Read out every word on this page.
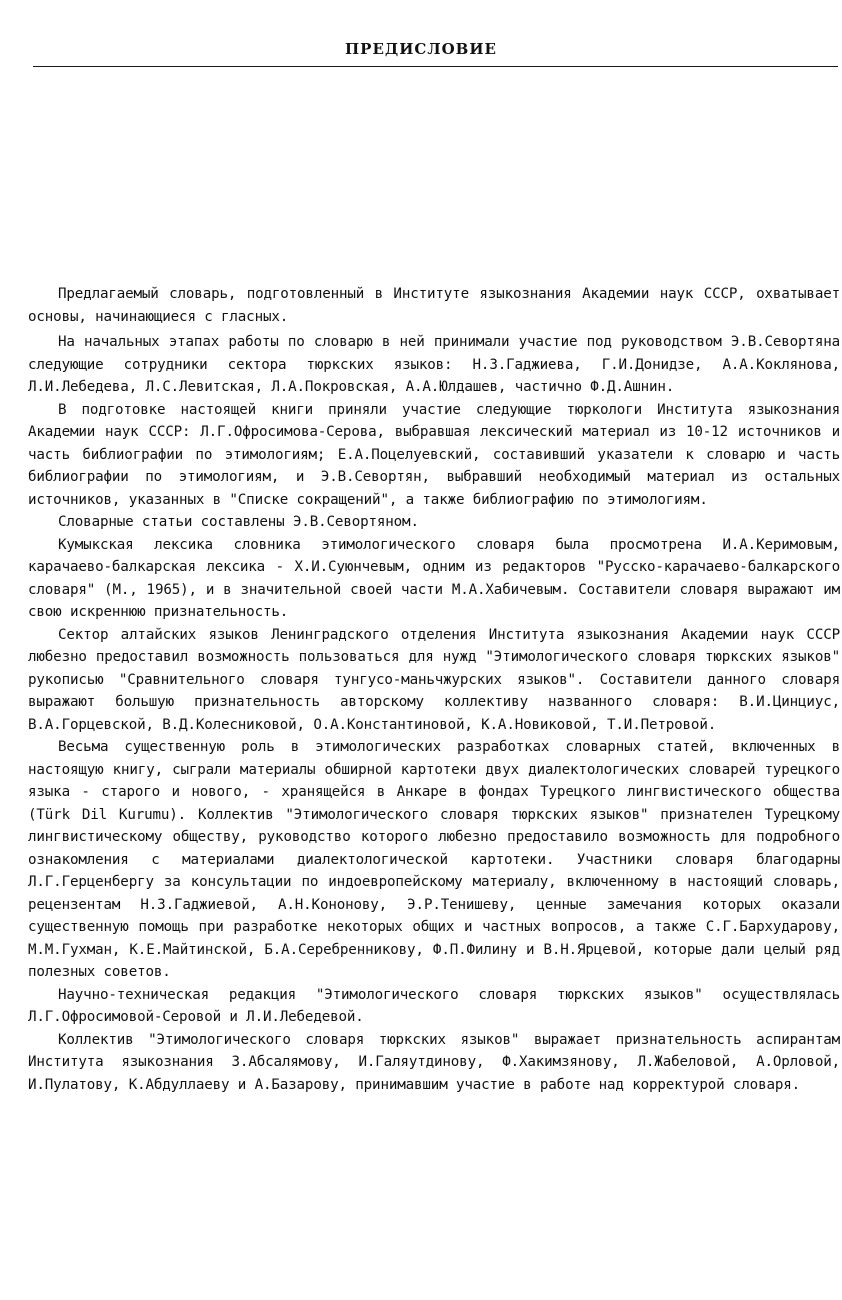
ПРЕДИСЛОВИЕ

Предлагаемый словарь, подготовленный в Институте языкознания Академии наук СССР, охватывает основы, начинающиеся с гласных.

На начальных этапах работы по словарю в ней принимали участие под руководством Э.В.Севортяна следующие сотрудники сектора тюркских языков: Н.З.Гаджиева, Г.И.Донидзе, А.А.Коклянова, Л.И.Лебедева, Л.С.Левитская, Л.А.Покровская, А.А.Юлдашев, частично Ф.Д.Ашнин.

В подготовке настоящей книги приняли участие следующие тюркологи Института языкознания Академии наук СССР: Л.Г.Офросимова-Серова, выбравшая лексический материал из 10-12 источников и часть библиографии по этимологиям; Е.А.Поцелуевский, составивший указатели к словарю и часть библиографии по этимологиям, и Э.В.Севортян, выбравший необходимый материал из остальных источников, указанных в "Списке сокращений", а также библиографию по этимологиям.

Словарные статьи составлены Э.В.Севортяном.

Кумыкская лексика словника этимологического словаря была просмотрена И.А.Керимовым, карачаево-балкарская лексика - Х.И.Суюнчевым, одним из редакторов "Русско-карачаево-балкарского словаря" (М., 1965), и в значительной своей части М.А.Хабичевым. Составители словаря выражают им свою искреннюю признательность.

Сектор алтайских языков Ленинградского отделения Института языкознания Академии наук СССР любезно предоставил возможность пользоваться для нужд "Этимологического словаря тюркских языков" рукописью "Сравнительного словаря тунгусо-маньчжурских языков". Составители данного словаря выражают большую признательность авторскому коллективу названного словаря: В.И.Цинциус, В.А.Горцевской, В.Д.Колесниковой, О.А.Константиновой, К.А.Новиковой, Т.И.Петровой.

Весьма существенную роль в этимологических разработках словарных статей, включенных в настоящую книгу, сыграли материалы обширной картотеки двух диалектологических словарей турецкого языка - старого и нового, - хранящейся в Анкаре в фондах Турецкого лингвистического общества (Türk Dil Kurumu). Коллектив "Этимологического словаря тюркских языков" признателен Турецкому лингвистическому обществу, руководство которого любезно предоставило возможность для подробного ознакомления с материалами диалектологической картотеки. Участники словаря благодарны Л.Г.Герценбергу за консультации по индоевропейскому материалу, включенному в настоящий словарь, рецензентам Н.З.Гаджиевой, А.Н.Кононову, Э.Р.Тенишеву, ценные замечания которых оказали существенную помощь при разработке некоторых общих и частных вопросов, а также С.Г.Бархударову, М.М.Гухман, К.Е.Майтинской, Б.А.Серебренникову, Ф.П.Филину и В.Н.Ярцевой, которые дали целый ряд полезных советов.

Научно-техническая редакция "Этимологического словаря тюркских языков" осуществлялась Л.Г.Офросимовой-Серовой и Л.И.Лебедевой.

Коллектив "Этимологического словаря тюркских языков" выражает признательность аспирантам Института языкознания З.Абсалямову, И.Галяутдинову, Ф.Хакимзянову, Л.Жабеловой, А.Орловой, И.Пулатову, К.Абдуллаеву и А.Базарову, принимавшим участие в работе над корректурой словаря.
